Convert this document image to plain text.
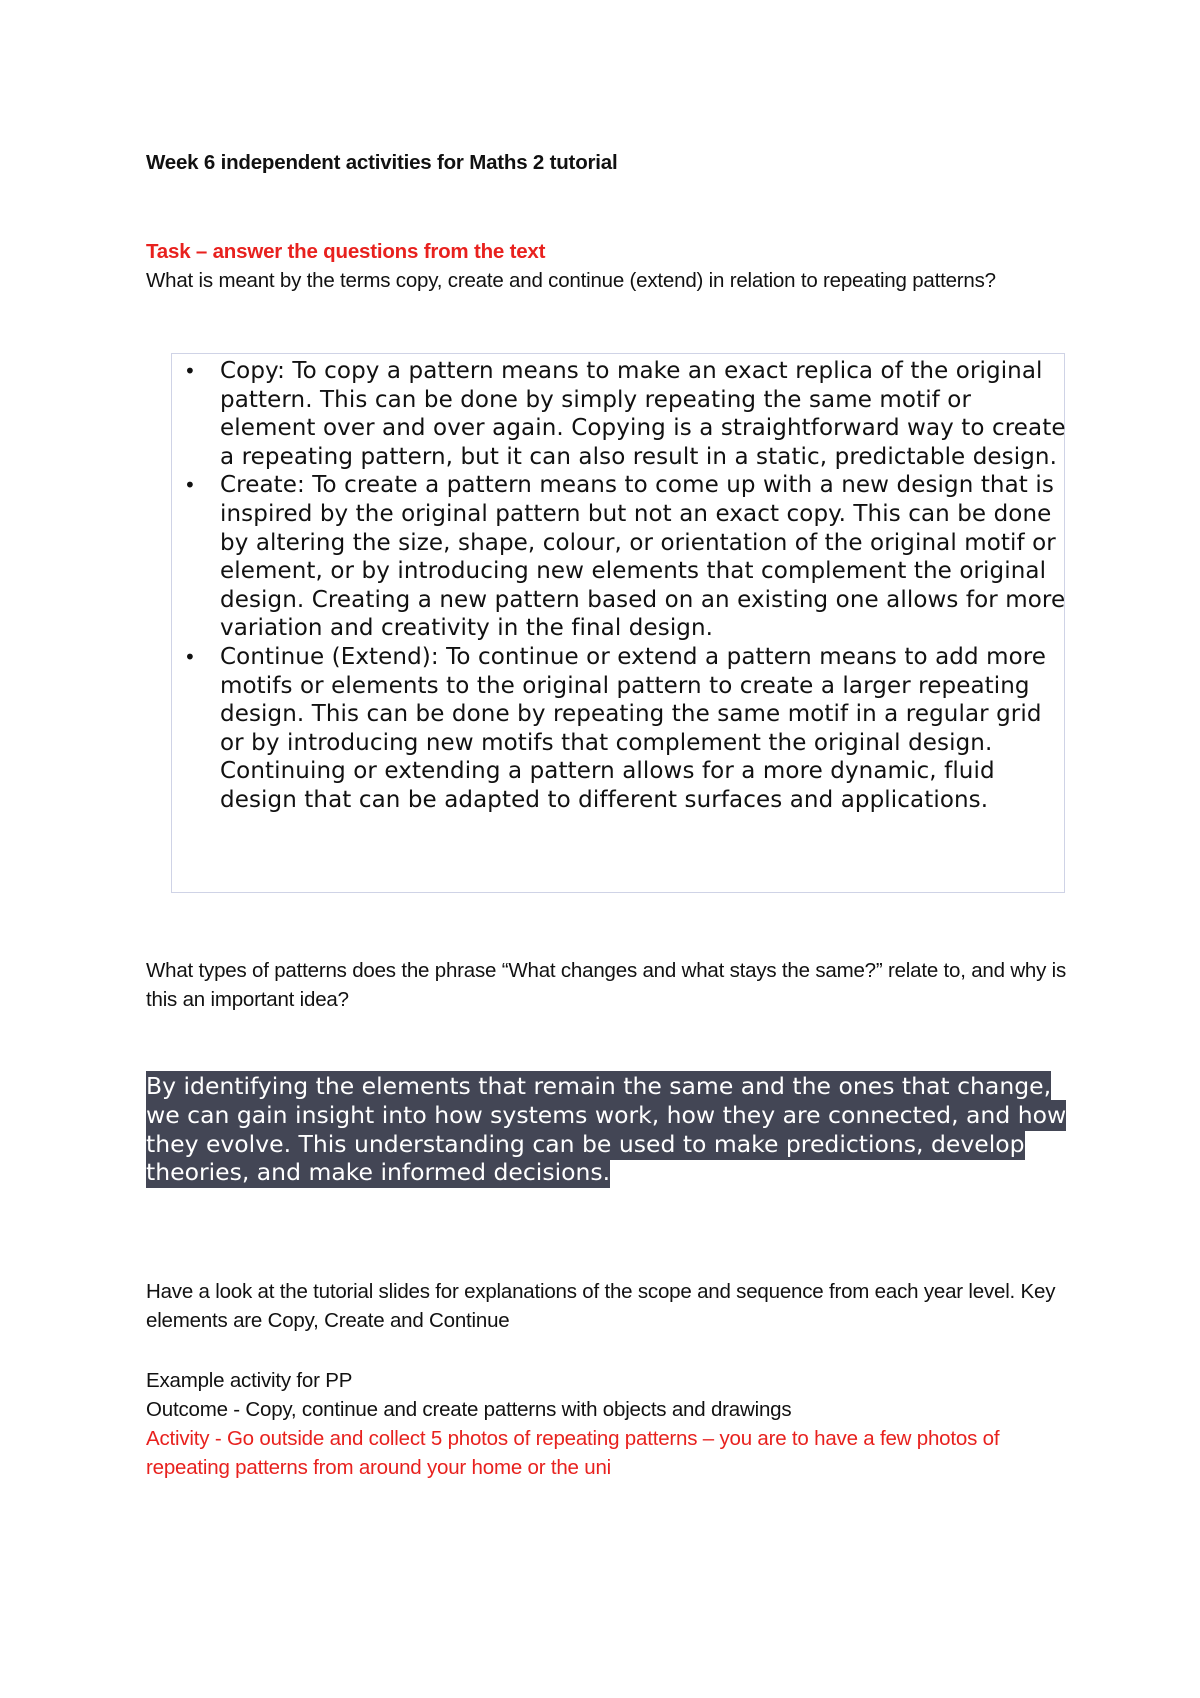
Week 6 independent activities for Maths 2 tutorial

Task – answer the questions from the text

What is meant by the terms copy, create and continue (extend) in relation to repeating patterns?

• Copy: To copy a pattern means to make an exact replica of the original pattern. This can be done by simply repeating the same motif or element over and over again. Copying is a straightforward way to create a repeating pattern, but it can also result in a static, predictable design.
• Create: To create a pattern means to come up with a new design that is inspired by the original pattern but not an exact copy. This can be done by altering the size, shape, colour, or orientation of the original motif or element, or by introducing new elements that complement the original design. Creating a new pattern based on an existing one allows for more variation and creativity in the final design.
• Continue (Extend): To continue or extend a pattern means to add more motifs or elements to the original pattern to create a larger repeating design. This can be done by repeating the same motif in a regular grid or by introducing new motifs that complement the original design. Continuing or extending a pattern allows for a more dynamic, fluid design that can be adapted to different surfaces and applications.

What types of patterns does the phrase “What changes and what stays the same?” relate to, and why is this an important idea?

By identifying the elements that remain the same and the ones that change, we can gain insight into how systems work, how they are connected, and how they evolve. This understanding can be used to make predictions, develop theories, and make informed decisions.

Have a look at the tutorial slides for explanations of the scope and sequence from each year level. Key elements are Copy, Create and Continue

Example activity for PP

Outcome - Copy, continue and create patterns with objects and drawings

Activity - Go outside and collect 5 photos of repeating patterns – you are to have a few photos of repeating patterns from around your home or the uni
